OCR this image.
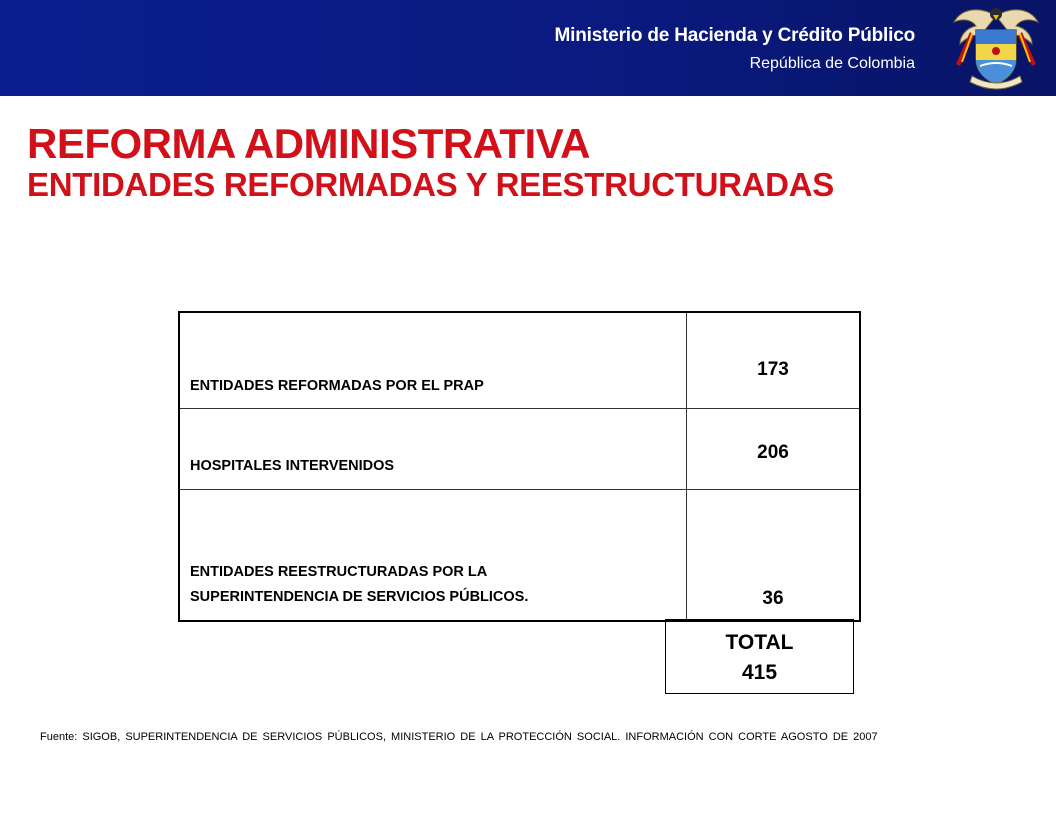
Ministerio de Hacienda y Crédito Público
República de Colombia
REFORMA ADMINISTRATIVA
ENTIDADES REFORMADAS Y REESTRUCTURADAS
ENTIDADES REFORMADAS POR EL PRAP	173
HOSPITALES INTERVENIDOS	206
ENTIDADES REESTRUCTURADAS POR LA
SUPERINTENDENCIA DE SERVICIOS PÚBLICOS.	36
TOTAL
415
Fuente: SIGOB, SUPERINTENDENCIA DE SERVICIOS PÚBLICOS, MINISTERIO DE LA PROTECCIÓN SOCIAL. INFORMACIÓN CON CORTE AGOSTO DE 2007
